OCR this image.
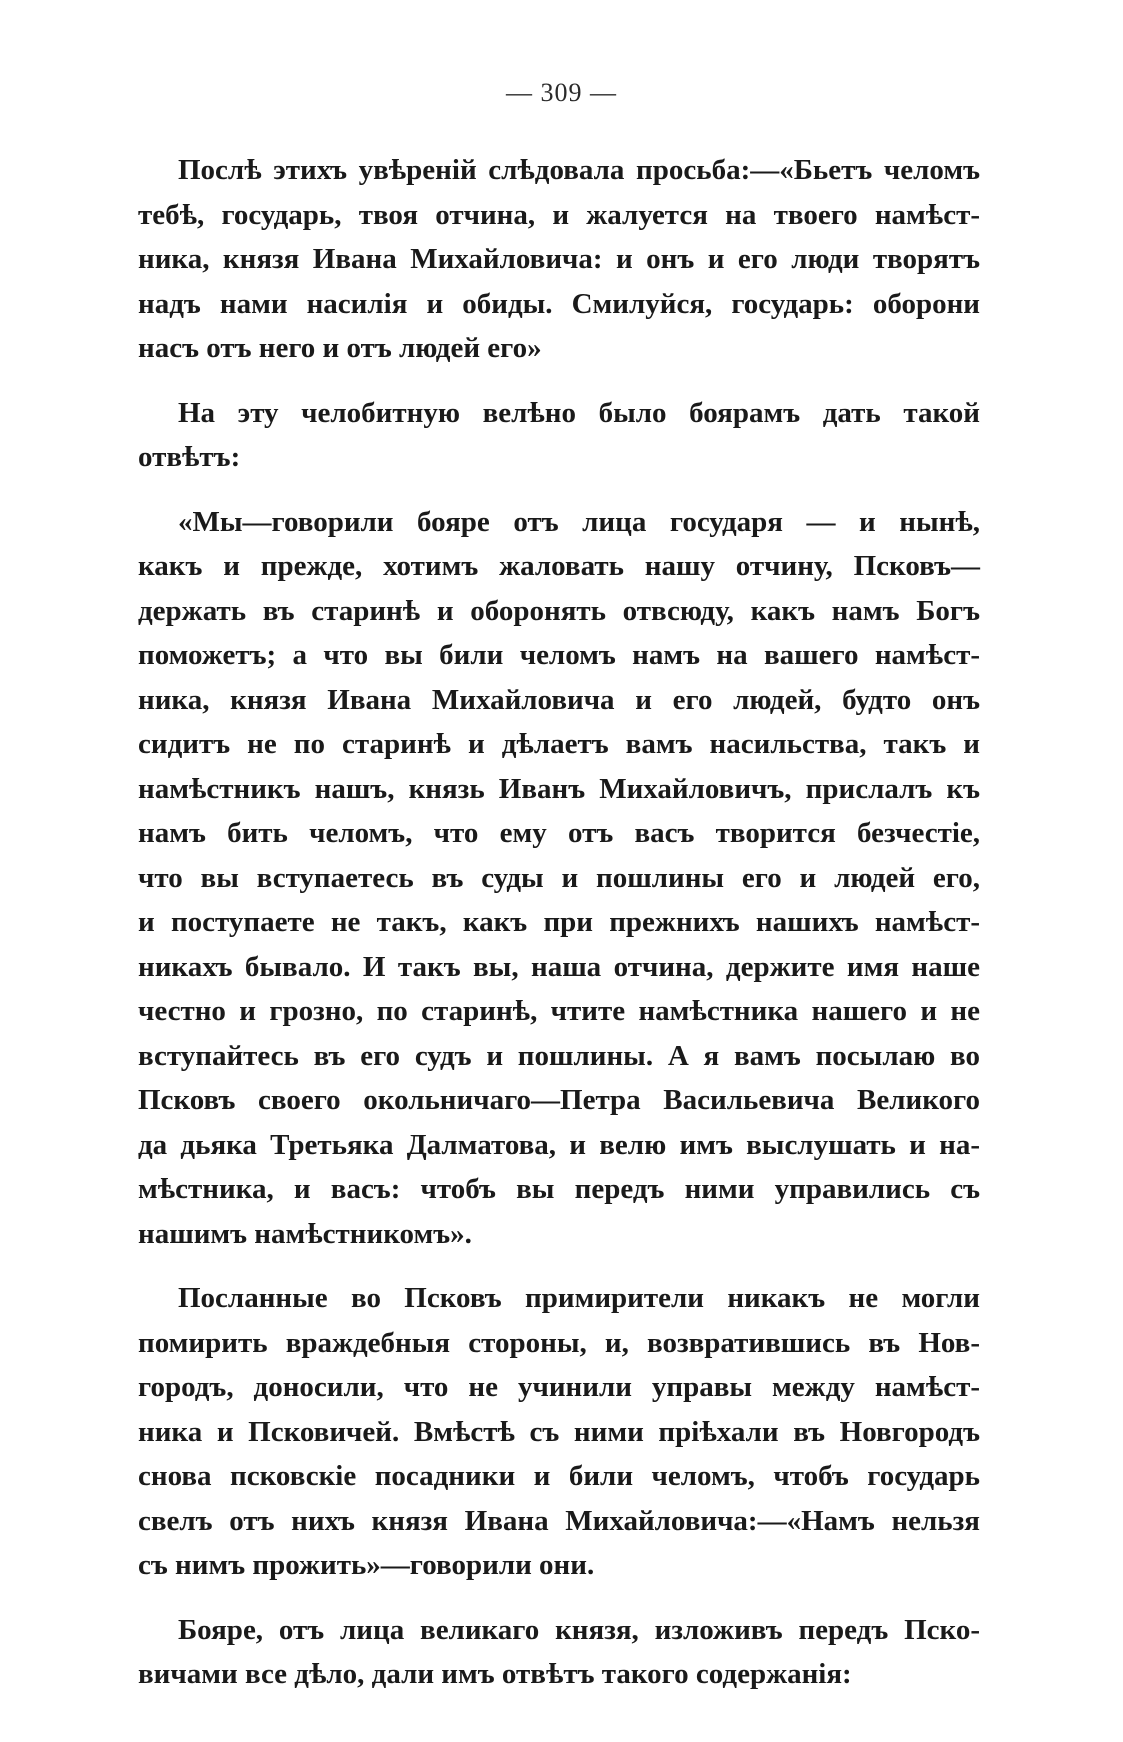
— 309 —
Послѣ этихъ увѣренiй слѣдовала просьба:—«Бьетъ челомъ
тебѣ, государь, твоя отчина, и жалуется на твоего намѣст-
ника, князя Ивана Михайловича: и онъ и его люди творятъ
надъ нами насилiя и обиды. Смилуйся, государь: оборони
насъ отъ него и отъ людей его»
На эту челобитную велѣно было боярамъ дать такой
отвѣтъ:
«Мы—говорили бояре отъ лица государя — и нынѣ,
какъ и прежде, хотимъ жаловать нашу отчину, Псковъ—
держать въ старинѣ и оборонять отвсюду, какъ намъ Богъ
поможетъ; а что вы били челомъ намъ на вашего намѣст-
ника, князя Ивана Михайловича и его людей, будто онъ
сидитъ не по старинѣ и дѣлаетъ вамъ насильства, такъ и
намѣстникъ нашъ, князь Иванъ Михайловичъ, прислалъ къ
намъ бить челомъ, что ему отъ васъ творится безчестiе,
что вы вступаетесь въ суды и пошлины его и людей его,
и поступаете не такъ, какъ при прежнихъ нашихъ намѣст-
никахъ бывало. И такъ вы, наша отчина, держите имя наше
честно и грозно, по старинѣ, чтите намѣстника нашего и не
вступайтесь въ его судъ и пошлины. А я вамъ посылаю во
Псковъ своего окольничаго—Петра Васильевича Великого
да дьяка Третьяка Далматова, и велю имъ выслушать и на-
мѣстника, и васъ: чтобъ вы передъ ними управились съ
нашимъ намѣстникомъ».
Посланные во Псковъ примирители никакъ не могли
помирить враждебныя стороны, и, возвратившись въ Нов-
городъ, доносили, что не учинили управы между намѣст-
ника и Псковичей. Вмѣстѣ съ ними прiѣхали въ Новгородъ
снова псковскiе посадники и били челомъ, чтобъ государь
свелъ отъ нихъ князя Ивана Михайловича:—«Намъ нельзя
съ нимъ прожить»—говорили они.
Бояре, отъ лица великаго князя, изложивъ передъ Пско-
вичами все дѣло, дали имъ отвѣтъ такого содержанiя:
